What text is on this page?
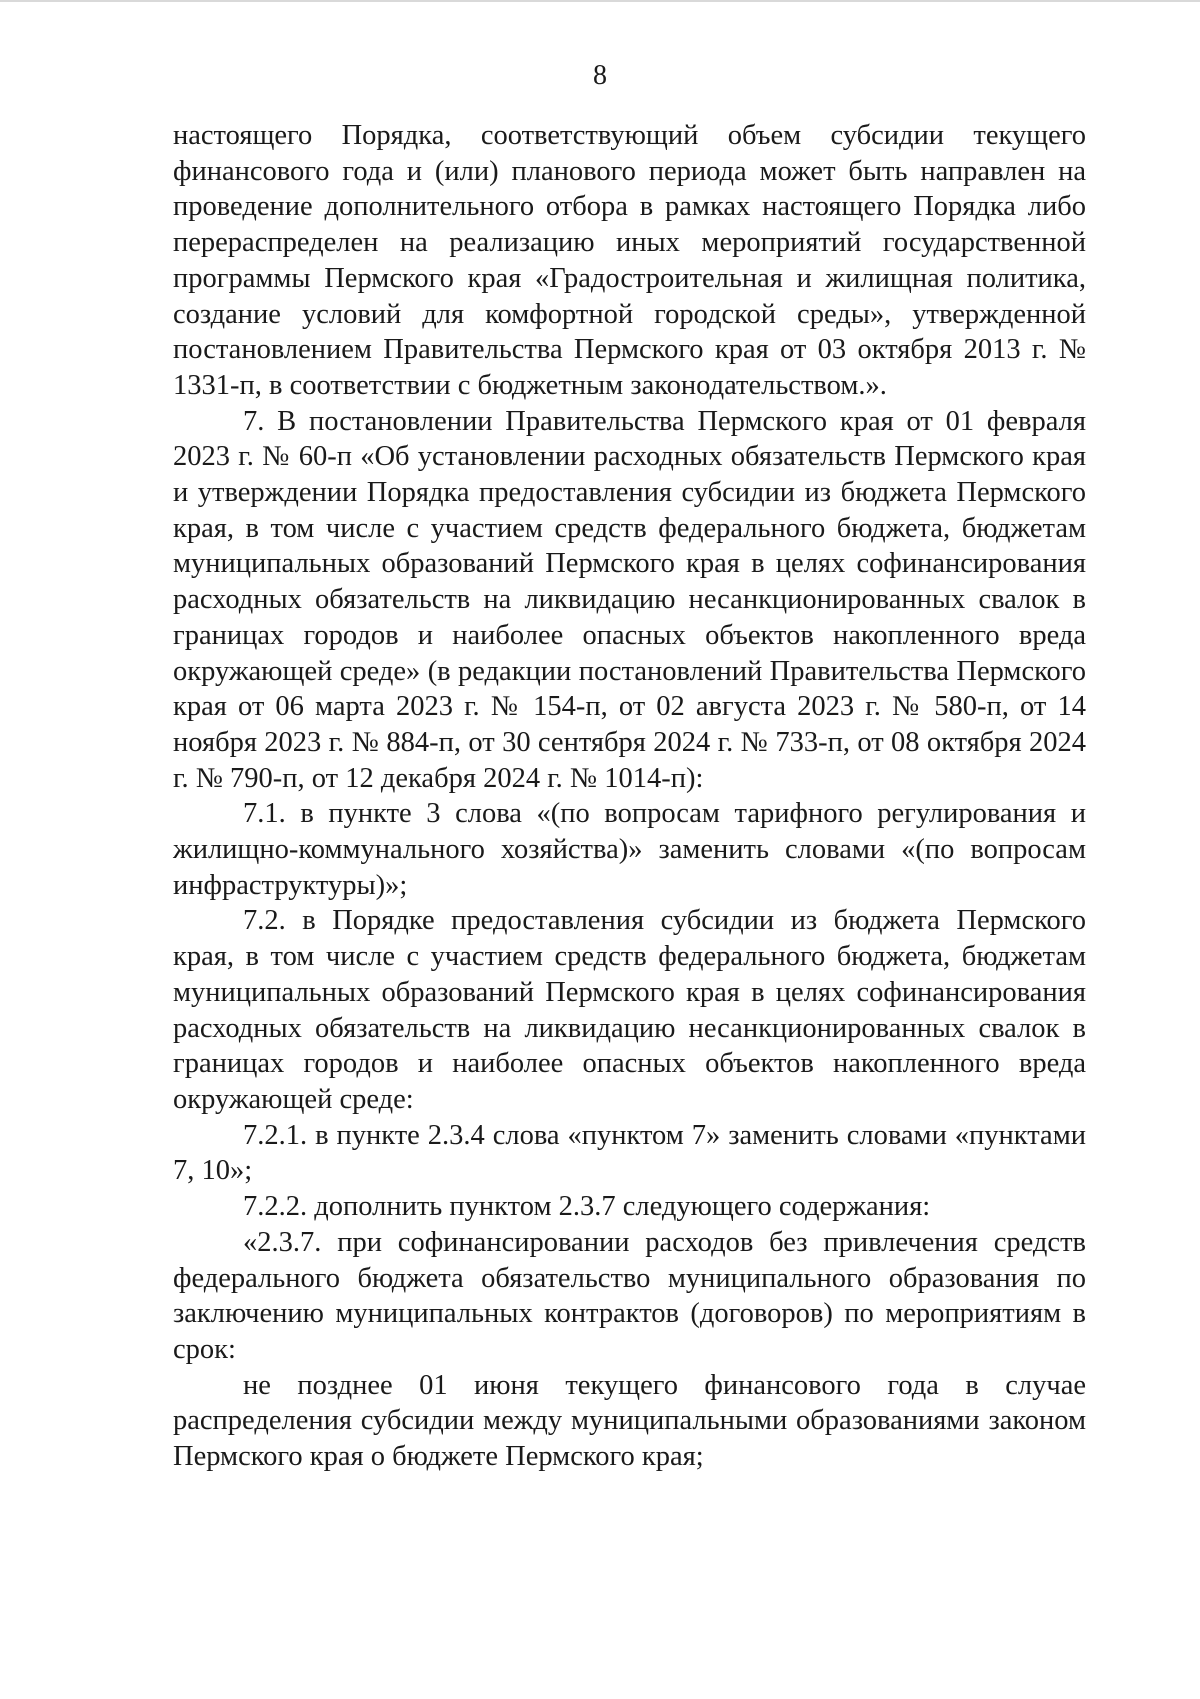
8

настоящего Порядка, соответствующий объем субсидии текущего финансового года и (или) планового периода может быть направлен на проведение дополнительного отбора в рамках настоящего Порядка либо перераспределен на реализацию иных мероприятий государственной программы Пермского края «Градостроительная и жилищная политика, создание условий для комфортной городской среды», утвержденной постановлением Правительства Пермского края от 03 октября 2013 г. № 1331-п, в соответствии с бюджетным законодательством.».

7. В постановлении Правительства Пермского края от 01 февраля 2023 г. № 60-п «Об установлении расходных обязательств Пермского края и утверждении Порядка предоставления субсидии из бюджета Пермского края, в том числе с участием средств федерального бюджета, бюджетам муниципальных образований Пермского края в целях софинансирования расходных обязательств на ликвидацию несанкционированных свалок в границах городов и наиболее опасных объектов накопленного вреда окружающей среде» (в редакции постановлений Правительства Пермского края от 06 марта 2023 г. № 154-п, от 02 августа 2023 г. № 580-п, от 14 ноября 2023 г. № 884-п, от 30 сентября 2024 г. № 733-п, от 08 октября 2024 г. № 790-п, от 12 декабря 2024 г. № 1014-п):

7.1. в пункте 3 слова «(по вопросам тарифного регулирования и жилищно-коммунального хозяйства)» заменить словами «(по вопросам инфраструктуры)»;

7.2. в Порядке предоставления субсидии из бюджета Пермского края, в том числе с участием средств федерального бюджета, бюджетам муниципальных образований Пермского края в целях софинансирования расходных обязательств на ликвидацию несанкционированных свалок в границах городов и наиболее опасных объектов накопленного вреда окружающей среде:

7.2.1. в пункте 2.3.4 слова «пунктом 7» заменить словами «пунктами 7, 10»;

7.2.2. дополнить пунктом 2.3.7 следующего содержания:

«2.3.7. при софинансировании расходов без привлечения средств федерального бюджета обязательство муниципального образования по заключению муниципальных контрактов (договоров) по мероприятиям в срок:

не позднее 01 июня текущего финансового года в случае распределения субсидии между муниципальными образованиями законом Пермского края о бюджете Пермского края;
